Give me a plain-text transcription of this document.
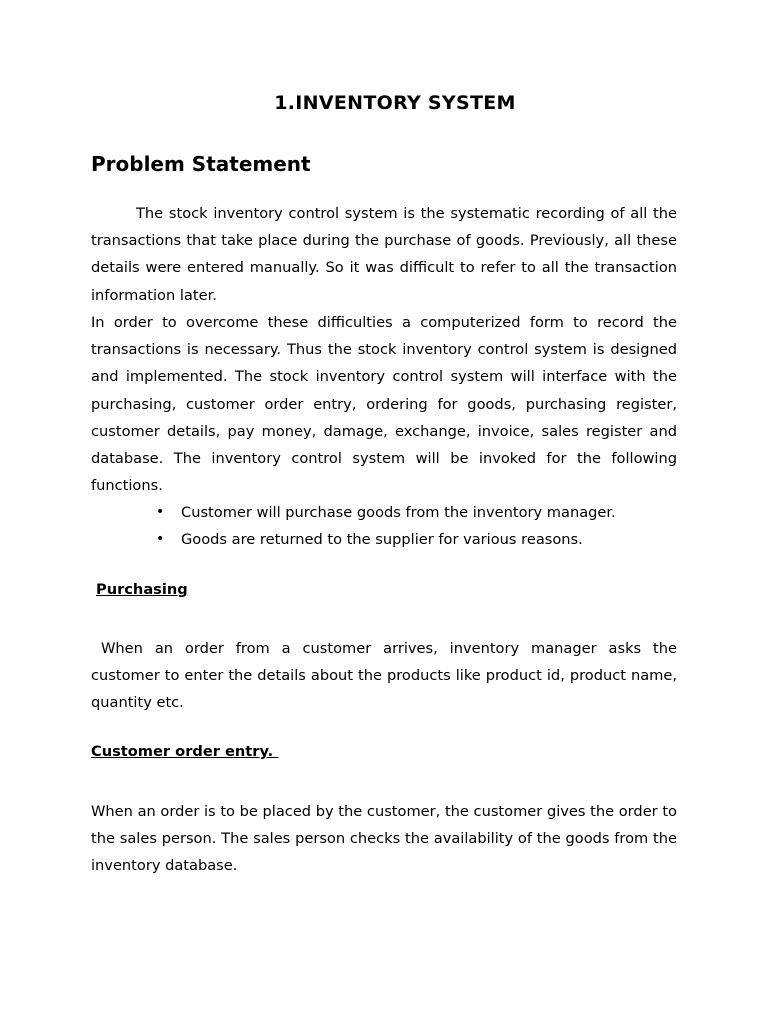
1.INVENTORY SYSTEM
Problem Statement

The stock inventory control system is the systematic recording of all the transactions that take place during the purchase of goods. Previously, all these details were entered manually. So it was difficult to refer to all the transaction information later.

In order to overcome these difficulties a computerized form to record the transactions is necessary. Thus the stock inventory control system is designed and implemented. The stock inventory control system will interface with the purchasing, customer order entry, ordering for goods, purchasing register, customer details, pay money, damage, exchange, invoice, sales register and database. The inventory control system will be invoked for the following functions.

• Customer will purchase goods from the inventory manager.
• Goods are returned to the supplier for various reasons.
Purchasing

When an order from a customer arrives, inventory manager asks the customer to enter the details about the products like product id, product name, quantity etc.

Customer order entry.

When an order is to be placed by the customer, the customer gives the order to the sales person. The sales person checks the availability of the goods from the inventory database.
